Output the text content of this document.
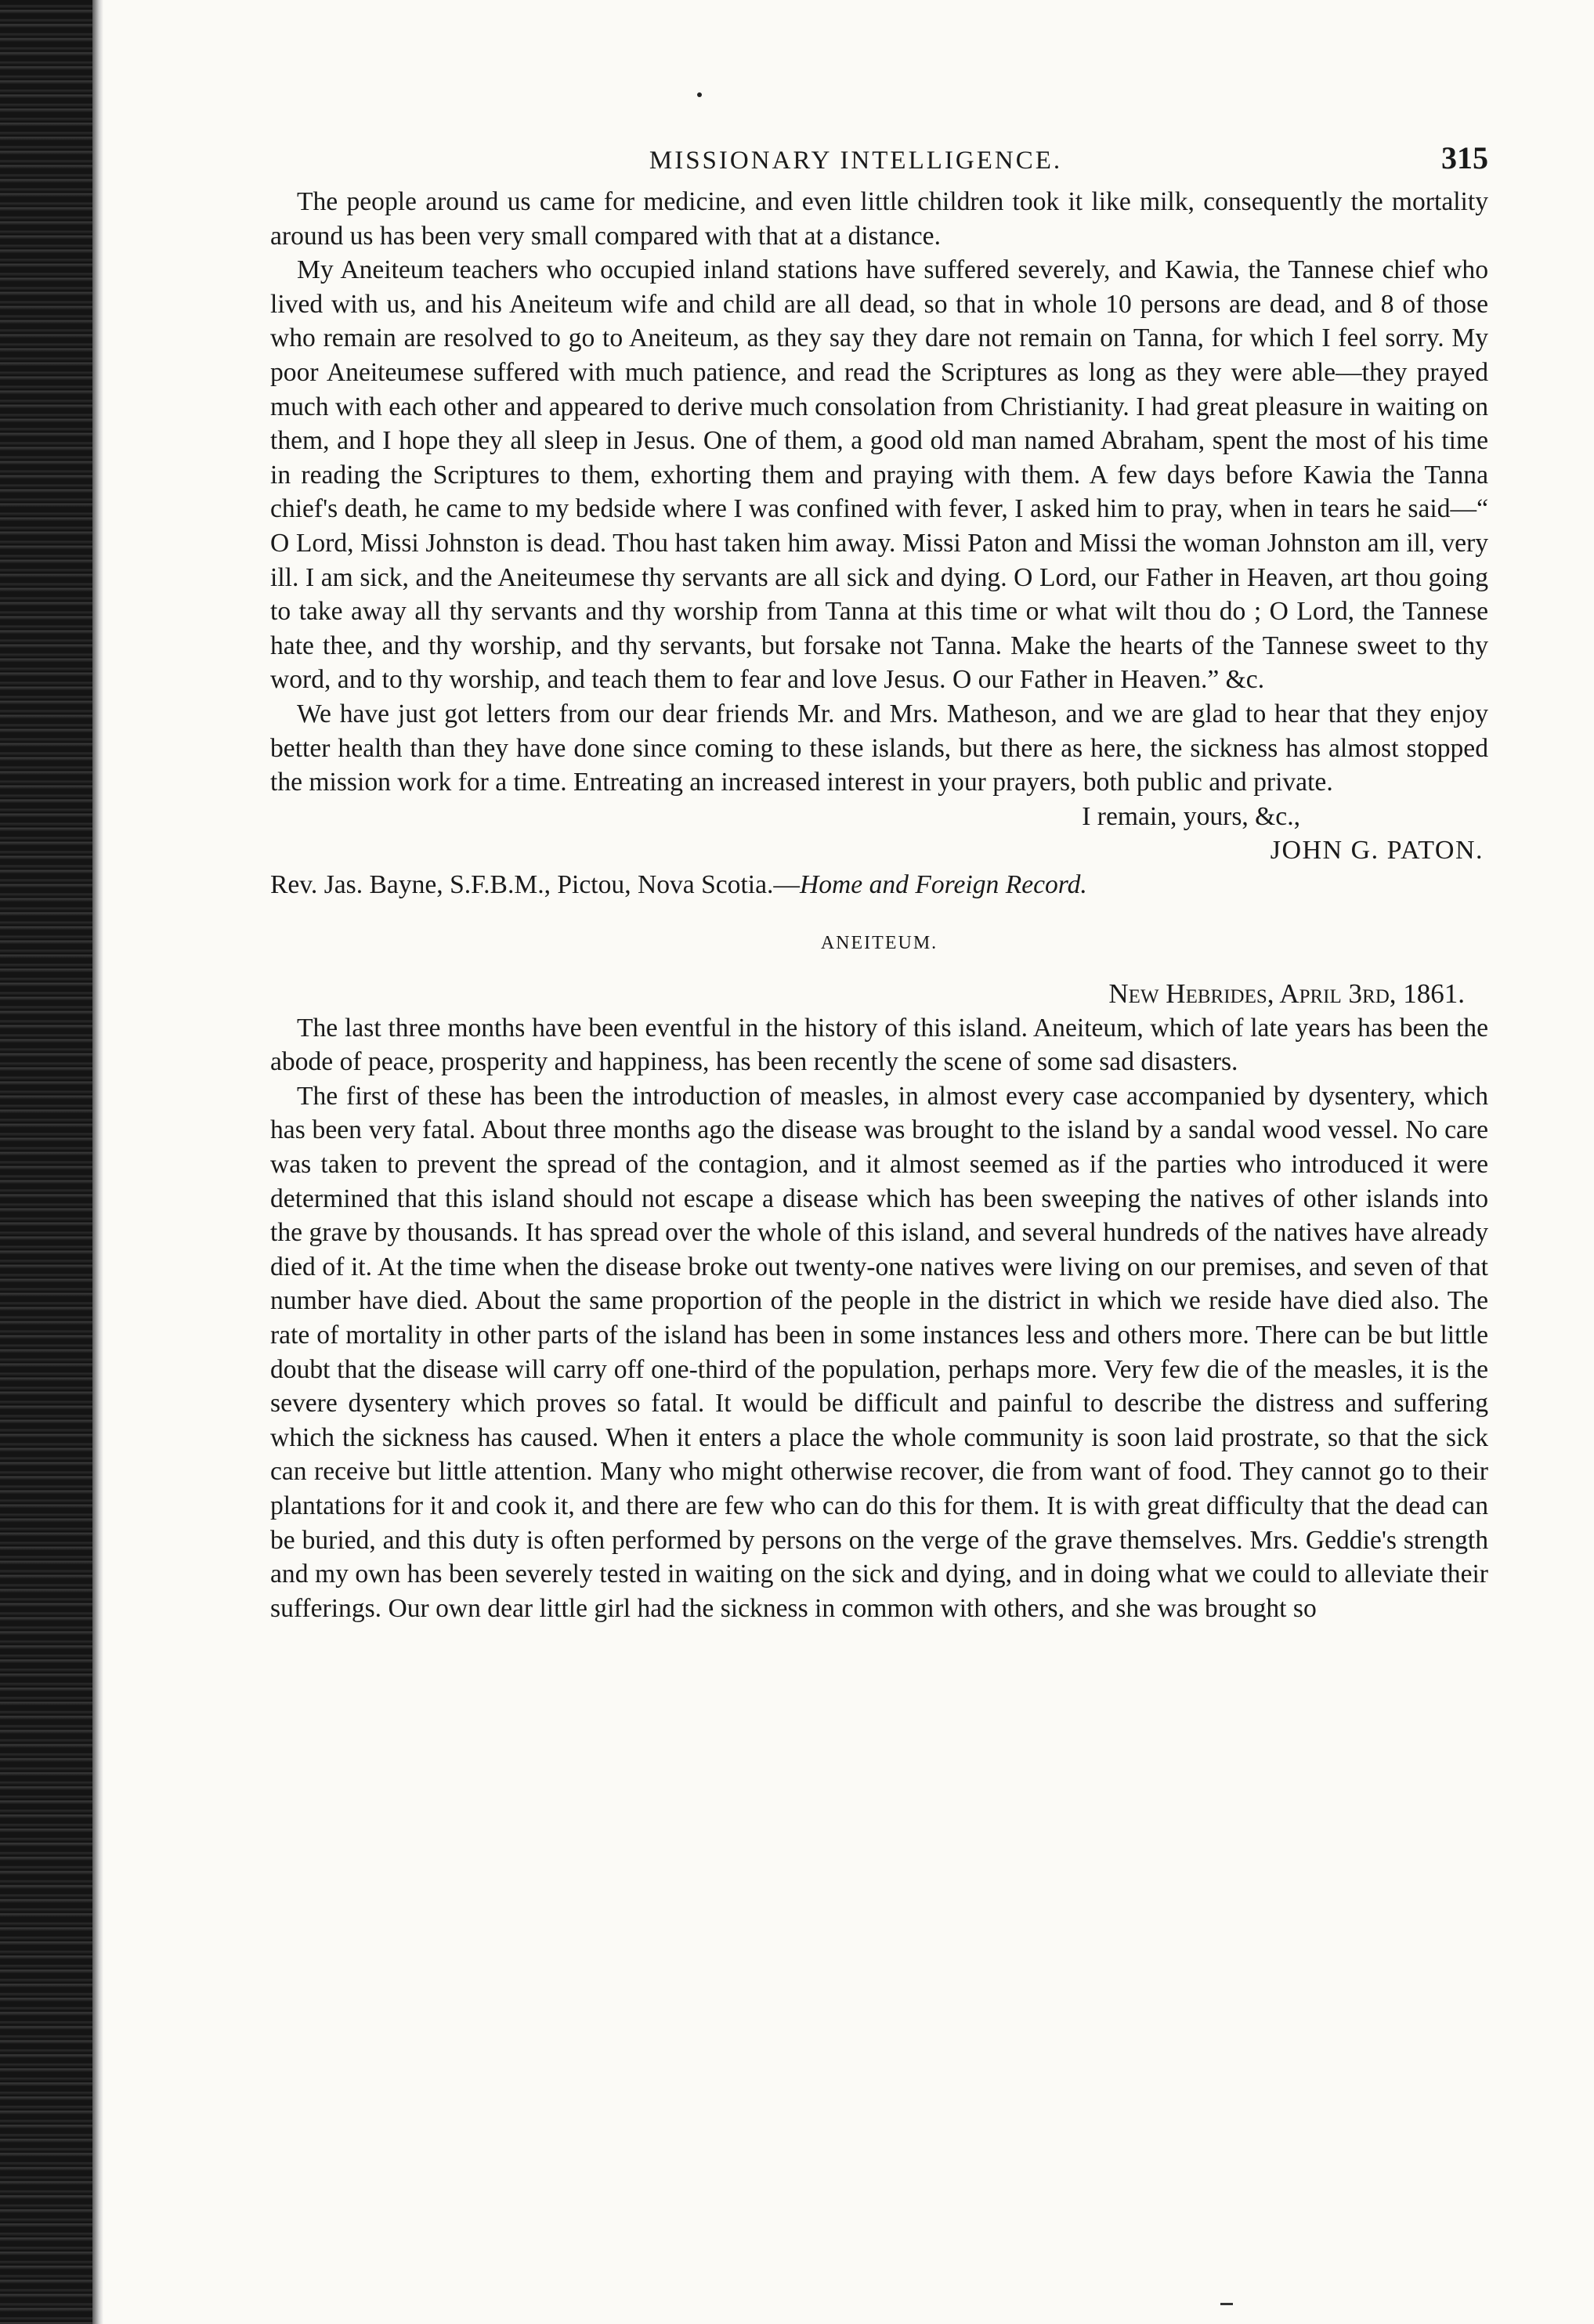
MISSIONARY INTELLIGENCE.	315

The people around us came for medicine, and even little children took it like milk, consequently the mortality around us has been very small compared with that at a distance.

My Aneiteum teachers who occupied inland stations have suffered severely, and Kawia, the Tannese chief who lived with us, and his Aneiteum wife and child are all dead, so that in whole 10 persons are dead, and 8 of those who remain are resolved to go to Aneiteum, as they say they dare not remain on Tanna, for which I feel sorry. My poor Aneiteumese suffered with much patience, and read the Scriptures as long as they were able—they prayed much with each other and appeared to derive much consolation from Christianity. I had great pleasure in waiting on them, and I hope they all sleep in Jesus. One of them, a good old man named Abraham, spent the most of his time in reading the Scriptures to them, exhorting them and praying with them. A few days before Kawia the Tanna chief's death, he came to my bedside where I was confined with fever, I asked him to pray, when in tears he said—“ O Lord, Missi Johnston is dead. Thou hast taken him away. Missi Paton and Missi the woman Johnston am ill, very ill. I am sick, and the Aneiteumese thy servants are all sick and dying. O Lord, our Father in Heaven, art thou going to take away all thy servants and thy worship from Tanna at this time or what wilt thou do ; O Lord, the Tannese hate thee, and thy worship, and thy servants, but forsake not Tanna. Make the hearts of the Tannese sweet to thy word, and to thy worship, and teach them to fear and love Jesus. O our Father in Heaven.” &c.

We have just got letters from our dear friends Mr. and Mrs. Matheson, and we are glad to hear that they enjoy better health than they have done since coming to these islands, but there as here, the sickness has almost stopped the mission work for a time. Entreating an increased interest in your prayers, both public and private.

I remain, yours, &c.,
JOHN G. PATON.

Rev. Jas. Bayne, S.F.B.M., Pictou, Nova Scotia.—Home and Foreign Record.

ANEITEUM.
New Hebrides, April 3rd, 1861.

The last three months have been eventful in the history of this island. Aneiteum, which of late years has been the abode of peace, prosperity and happiness, has been recently the scene of some sad disasters.

The first of these has been the introduction of measles, in almost every case accompanied by dysentery, which has been very fatal. About three months ago the disease was brought to the island by a sandal wood vessel. No care was taken to prevent the spread of the contagion, and it almost seemed as if the parties who introduced it were determined that this island should not escape a disease which has been sweeping the natives of other islands into the grave by thousands. It has spread over the whole of this island, and several hundreds of the natives have already died of it. At the time when the disease broke out twenty-one natives were living on our premises, and seven of that number have died. About the same proportion of the people in the district in which we reside have died also. The rate of mortality in other parts of the island has been in some instances less and others more. There can be but little doubt that the disease will carry off one-third of the population, perhaps more. Very few die of the measles, it is the severe dysentery which proves so fatal. It would be difficult and painful to describe the distress and suffering which the sickness has caused. When it enters a place the whole community is soon laid prostrate, so that the sick can receive but little attention. Many who might otherwise recover, die from want of food. They cannot go to their plantations for it and cook it, and there are few who can do this for them. It is with great difficulty that the dead can be buried, and this duty is often performed by persons on the verge of the grave themselves. Mrs. Geddie's strength and my own has been severely tested in waiting on the sick and dying, and in doing what we could to alleviate their sufferings. Our own dear little girl had the sickness in common with others, and she was brought so
